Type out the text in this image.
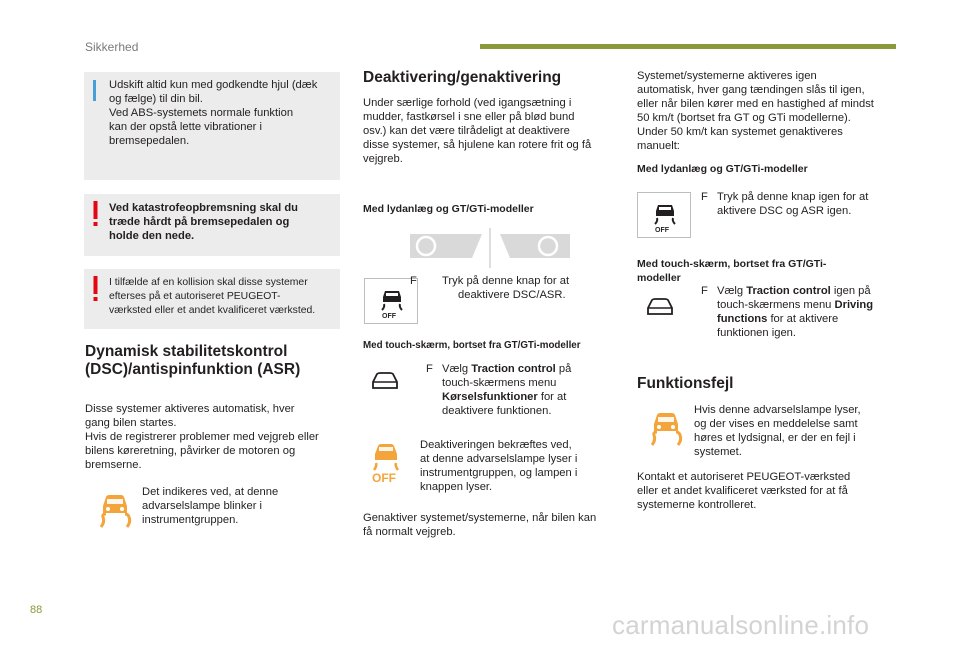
Sikkerhed
88	carmanualsonline.info
Udskift altid kun med godkendte hjul (dæk
og fælge) til din bil.
Ved ABS-systemets normale funktion
kan der opstå lette vibrationer i
bremsepedalen.
Ved katastrofeopbremsning skal du
træde hårdt på bremsepedalen og
holde den nede.
I tilfælde af en kollision skal disse systemer
efterses på et autoriseret PEUGEOT-
værksted eller et andet kvalificeret værksted.
Dynamisk stabilitetskontrol
(DSC)/antispinfunktion (ASR)
Disse systemer aktiveres automatisk, hver
gang bilen startes.
Hvis de registrerer problemer med vejgreb eller
bilens køreretning, påvirker de motoren og
bremserne.
Det indikeres ved, at denne
advarselslampe blinker i
instrumentgruppen.
Deaktivering/genaktivering
Under særlige forhold (ved igangsætning i
mudder, fastkørsel i sne eller på blød bund
osv.) kan det være tilrådeligt at deaktivere
disse systemer, så hjulene kan rotere frit og få
vejgreb.
Med lydanlæg og GT/GTi-modeller
OFF
F Tryk på denne knap for at
deaktivere DSC/ASR.
Med touch-skærm, bortset fra GT/GTi-modeller
F Vælg Traction control på
touch-skærmens menu
Kørselsfunktioner for at
deaktivere funktionen.
OFF
Deaktiveringen bekræftes ved,
at denne advarselslampe lyser i
instrumentgruppen, og lampen i
knappen lyser.
Genaktiver systemet/systemerne, når bilen kan
få normalt vejgreb.
Systemet/systemerne aktiveres igen
automatisk, hver gang tændingen slås til igen,
eller når bilen kører med en hastighed af mindst
50 km/t (bortset fra GT og GTi modellerne).
Under 50 km/t kan systemet genaktiveres
manuelt:
Med lydanlæg og GT/GTi-modeller
OFF
F Tryk på denne knap igen for at
aktivere DSC og ASR igen.
Med touch-skærm, bortset fra GT/GTi-
modeller
F Vælg Traction control igen på
touch-skærmens menu Driving
functions for at aktivere
funktionen igen.
Funktionsfejl
Hvis denne advarselslampe lyser,
og der vises en meddelelse samt
høres et lydsignal, er der en fejl i
systemet.
Kontakt et autoriseret PEUGEOT-værksted
eller et andet kvalificeret værksted for at få
systemerne kontrolleret.
